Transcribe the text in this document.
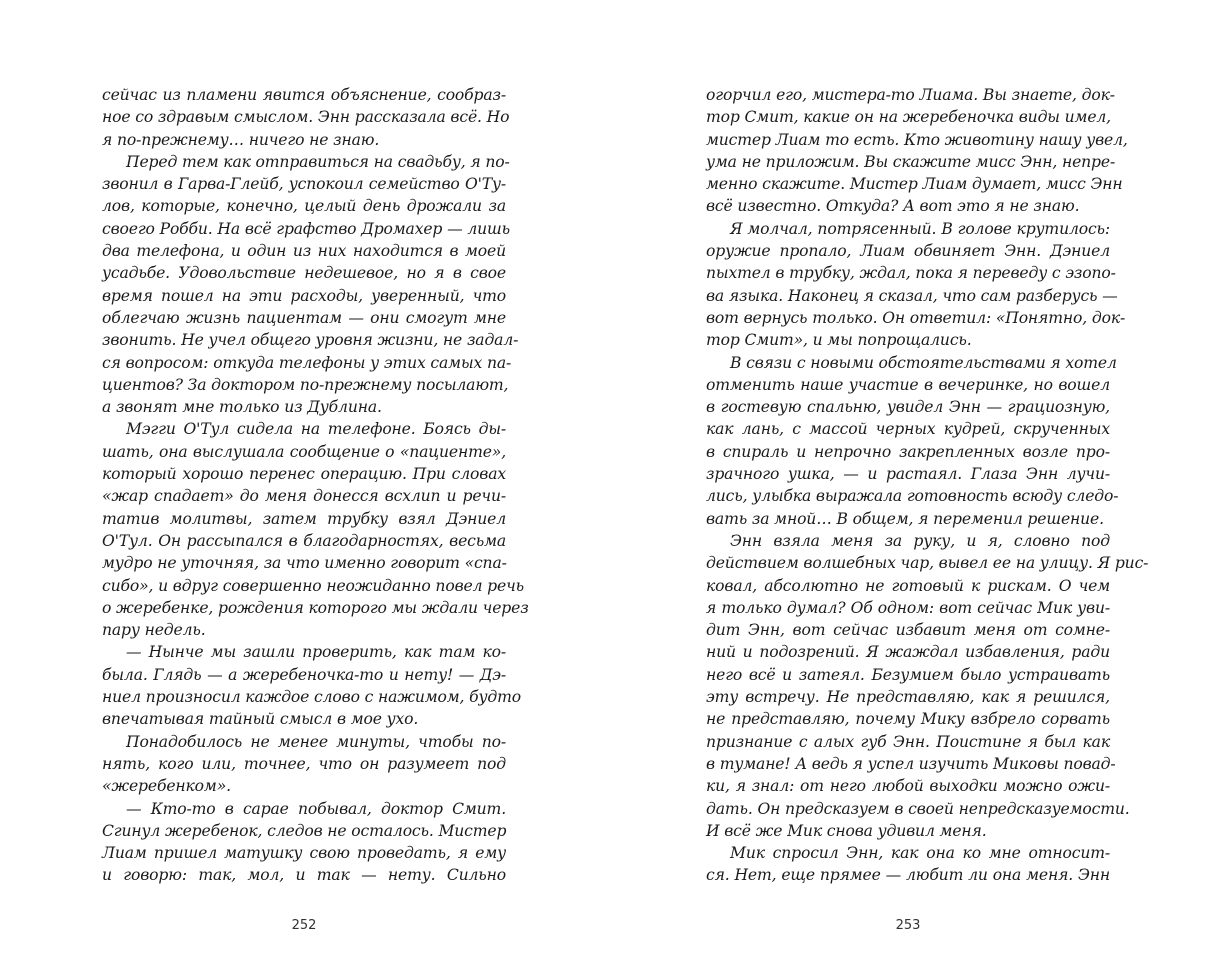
сейчас из пламени явится объяснение, сообраз-
ное со здравым смыслом. Энн рассказала всё. Но
я по-прежнему… ничего не знаю.
Перед тем как отправиться на свадьбу, я по-
звонил в Гарва-Глейб, успокоил семейство О'Ту-
лов, которые, конечно, целый день дрожали за
своего Робби. На всё графство Дромахер — лишь
два телефона, и один из них находится в моей
усадьбе. Удовольствие недешевое, но я в свое
время пошел на эти расходы, уверенный, что
облегчаю жизнь пациентам — они смогут мне
звонить. Не учел общего уровня жизни, не задал-
ся вопросом: откуда телефоны у этих самых па-
циентов? За доктором по-прежнему посылают,
а звонят мне только из Дублина.
Мэгги О'Тул сидела на телефоне. Боясь ды-
шать, она выслушала сообщение о «пациенте»,
который хорошо перенес операцию. При словах
«жар спадает» до меня донесся всхлип и речи-
татив молитвы, затем трубку взял Дэниел
О'Тул. Он рассыпался в благодарностях, весьма
мудро не уточняя, за что именно говорит «спа-
сибо», и вдруг совершенно неожиданно повел речь
о жеребенке, рождения которого мы ждали через
пару недель.
— Нынче мы зашли проверить, как там ко-
была. Глядь — а жеребеночка-то и нету! — Дэ-
ниел произносил каждое слово с нажимом, будто
впечатывая тайный смысл в мое ухо.
Понадобилось не менее минуты, чтобы по-
нять, кого или, точнее, что он разумеет под
«жеребенком».
— Кто-то в сарае побывал, доктор Смит.
Сгинул жеребенок, следов не осталось. Мистер
Лиам пришел матушку свою проведать, я ему
и говорю: так, мол, и так — нету. Сильно
огорчил его, мистера-то Лиама. Вы знаете, док-
тор Смит, какие он на жеребеночка виды имел,
мистер Лиам то есть. Кто животину нашу увел,
ума не приложим. Вы скажите мисс Энн, непре-
менно скажите. Мистер Лиам думает, мисс Энн
всё известно. Откуда? А вот это я не знаю.
Я молчал, потрясенный. В голове крутилось:
оружие пропало, Лиам обвиняет Энн. Дэниел
пыхтел в трубку, ждал, пока я переведу с эзопо-
ва языка. Наконец я сказал, что сам разберусь —
вот вернусь только. Он ответил: «Понятно, док-
тор Смит», и мы попрощались.
В связи с новыми обстоятельствами я хотел
отменить наше участие в вечеринке, но вошел
в гостевую спальню, увидел Энн — грациозную,
как лань, с массой черных кудрей, скрученных
в спираль и непрочно закрепленных возле про-
зрачного ушка, — и растаял. Глаза Энн лучи-
лись, улыбка выражала готовность всюду следо-
вать за мной… В общем, я переменил решение.
Энн взяла меня за руку, и я, словно под
действием волшебных чар, вывел ее на улицу. Я рис-
ковал, абсолютно не готовый к рискам. О чем
я только думал? Об одном: вот сейчас Мик уви-
дит Энн, вот сейчас избавит меня от сомне-
ний и подозрений. Я жаждал избавления, ради
него всё и затеял. Безумием было устраивать
эту встречу. Не представляю, как я решился,
не представляю, почему Мику взбрело сорвать
признание с алых губ Энн. Поистине я был как
в тумане! А ведь я успел изучить Миковы повад-
ки, я знал: от него любой выходки можно ожи-
дать. Он предсказуем в своей непредсказуемости.
И всё же Мик снова удивил меня.
Мик спросил Энн, как она ко мне относит-
ся. Нет, еще прямее — любит ли она меня. Энн
252	253
